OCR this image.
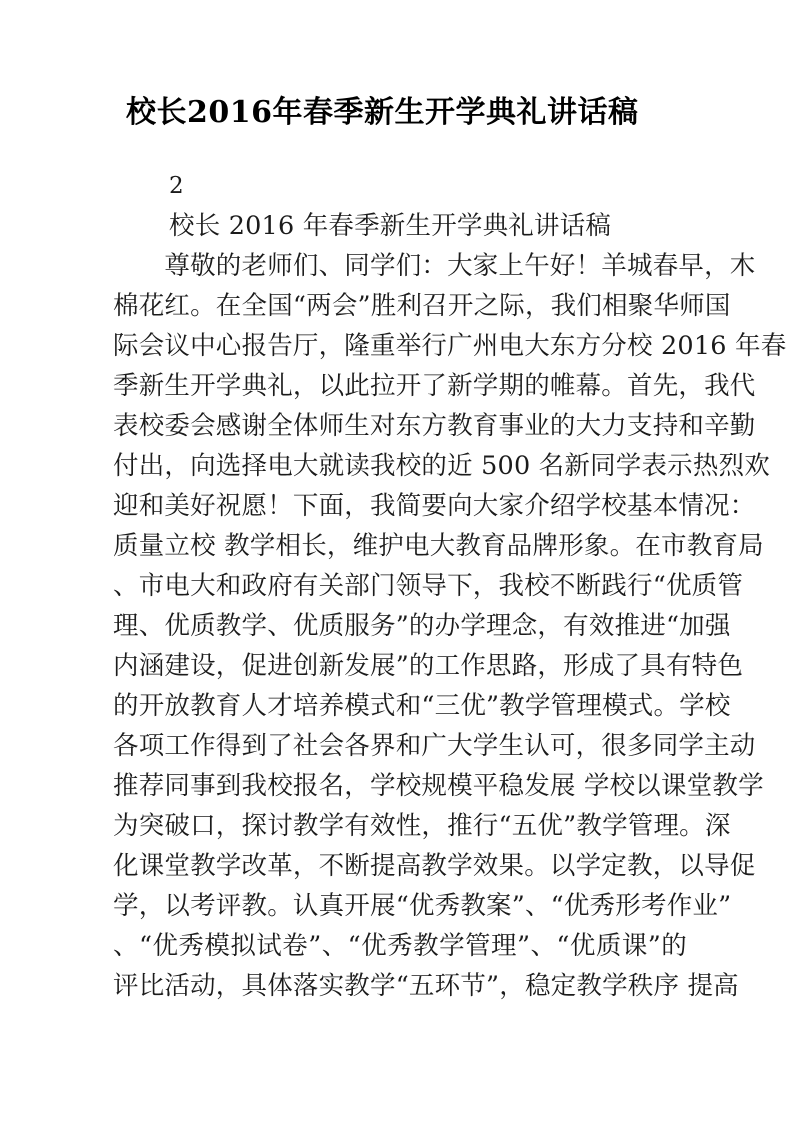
校长2016年春季新生开学典礼讲话稿
2
校长 2016 年春季新生开学典礼讲话稿
　　尊敬的老师们、同学们：大家上午好！羊城春早，木
棉花红。在全国“两会”胜利召开之际，我们相聚华师国
际会议中心报告厅，隆重举行广州电大东方分校 2016 年春
季新生开学典礼，以此拉开了新学期的帷幕。首先，我代
表校委会感谢全体师生对东方教育事业的大力支持和辛勤
付出，向选择电大就读我校的近 500 名新同学表示热烈欢
迎和美好祝愿！下面，我简要向大家介绍学校基本情况：
质量立校 教学相长，维护电大教育品牌形象。在市教育局
、市电大和政府有关部门领导下，我校不断践行“优质管
理、优质教学、优质服务”的办学理念，有效推进“加强
内涵建设，促进创新发展”的工作思路，形成了具有特色
的开放教育人才培养模式和“三优”教学管理模式。学校
各项工作得到了社会各界和广大学生认可，很多同学主动
推荐同事到我校报名，学校规模平稳发展 学校以课堂教学
为突破口，探讨教学有效性，推行“五优”教学管理。深
化课堂教学改革，不断提高教学效果。以学定教，以导促
学，以考评教。认真开展“优秀教案”、“优秀形考作业”
、“优秀模拟试卷”、“优秀教学管理”、“优质课”的
评比活动，具体落实教学“五环节”，稳定教学秩序 提高
